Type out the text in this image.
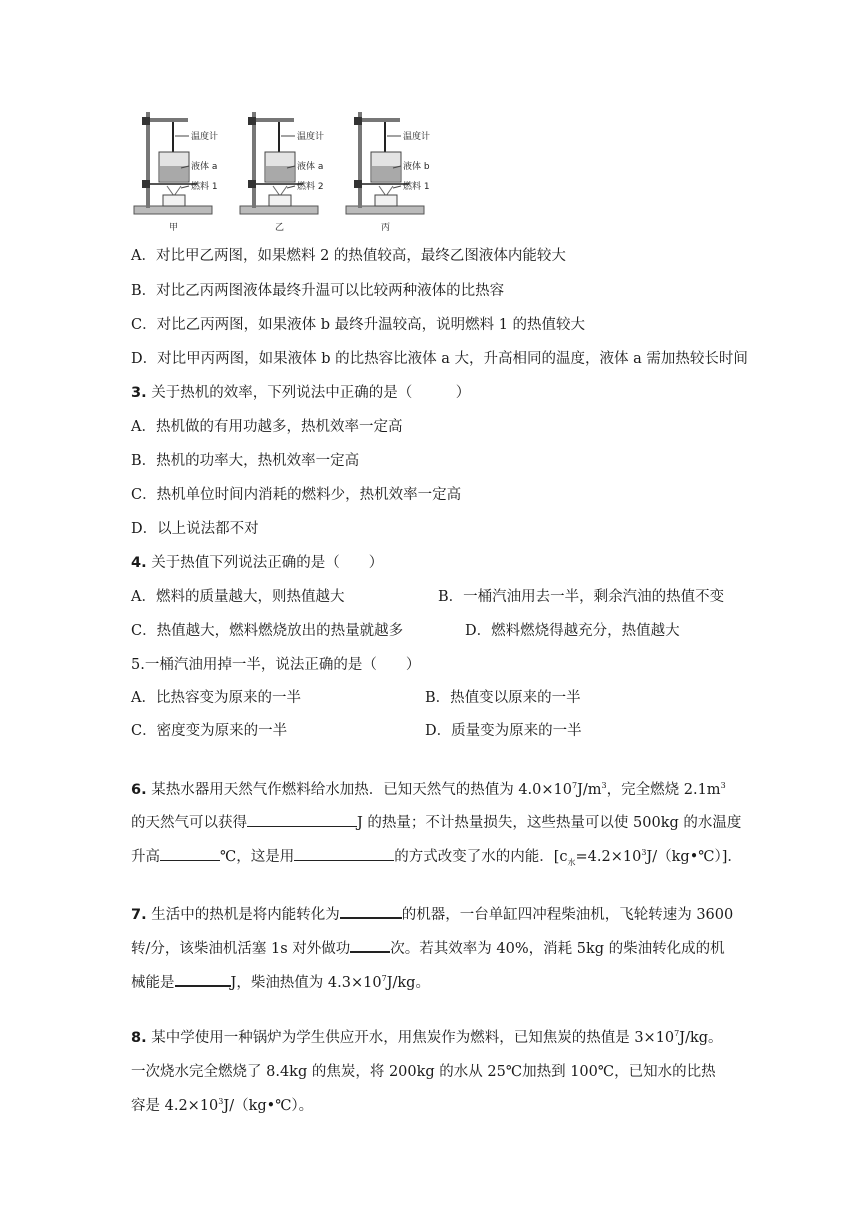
温度计
液体 a
燃料 1
甲
温度计
液体 a
燃料 2
乙
温度计
液体 b
燃料 1
丙
A．对比甲乙两图，如果燃料 2 的热值较高，最终乙图液体内能较大
B．对比乙丙两图液体最终升温可以比较两种液体的比热容
C．对比乙丙两图，如果液体 b 最终升温较高，说明燃料 1 的热值较大
D．对比甲丙两图，如果液体 b 的比热容比液体 a 大，升高相同的温度，液体 a 需加热较长时间
3. 关于热机的效率，下列说法中正确的是（　　　）
A．热机做的有用功越多，热机效率一定高
B．热机的功率大，热机效率一定高
C．热机单位时间内消耗的燃料少，热机效率一定高
D．以上说法都不对
4. 关于热值下列说法正确的是（　　）
A．燃料的质量越大，则热值越大	B．一桶汽油用去一半，剩余汽油的热值不变
C．热值越大，燃料燃烧放出的热量就越多	D．燃料燃烧得越充分，热值越大
5.一桶汽油用掉一半，说法正确的是（　　）
A．比热容变为原来的一半	B．热值变以原来的一半
C．密度变为原来的一半	D．质量变为原来的一半
6. 某热水器用天然气作燃料给水加热．已知天然气的热值为 $4.0\times 10^7J/m^3$，完全燃烧 $2.1m^3$
的天然气可以获得	J 的热量；不计热量损失，这些热量可以使 500kg 的水温度
升高	℃，这是用	的方式改变了水的内能．$[c_水=4.2\times 10^3J/(kg•℃)]$．
7. 生活中的热机是将内能转化为	的机器，一台单缸四冲程柴油机，飞轮转速为 3600
转/分，该柴油机活塞 1s 对外做功	次。若其效率为 40%，消耗 5kg 的柴油转化成的机
械能是	J，柴油热值为 $4.3\times 10^7J/kg$。
8. 某中学使用一种锅炉为学生供应开水，用焦炭作为燃料，已知焦炭的热值是 $3\times 10^7J/kg$。
一次烧水完全燃烧了 8.4kg 的焦炭，将 200kg 的水从 25℃加热到 100℃，已知水的比热
容是 $4.2\times 10^3J/(kg•℃)$。
